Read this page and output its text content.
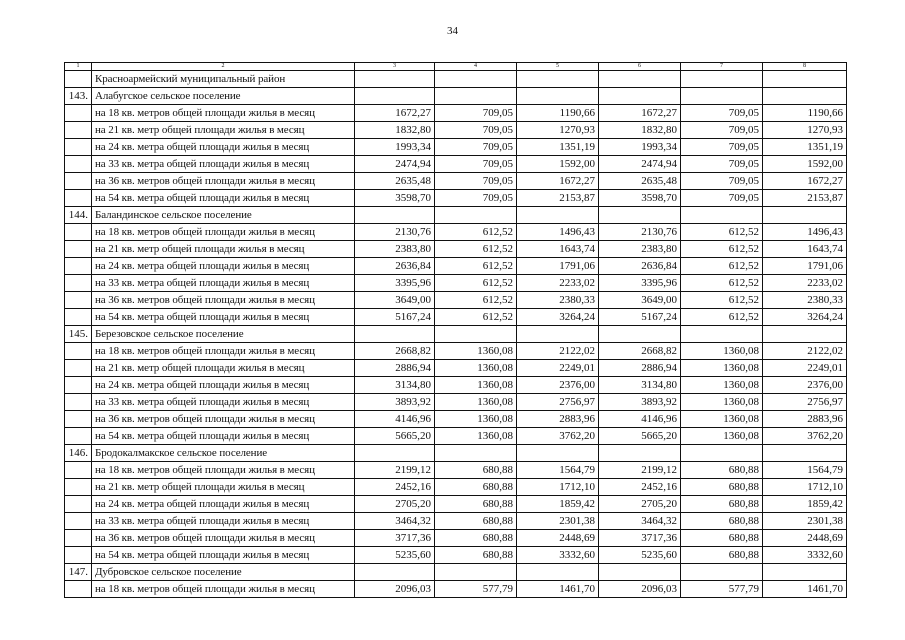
34
1	2	3	4	5	6	7	8
	Красноармейский муниципальный район						
143.	Алабугское сельское поселение						
	на 18 кв. метров общей площади жилья в месяц	1672,27	709,05	1190,66	1672,27	709,05	1190,66
	на 21 кв. метр общей площади жилья в месяц	1832,80	709,05	1270,93	1832,80	709,05	1270,93
	на 24 кв. метра общей площади жилья в месяц	1993,34	709,05	1351,19	1993,34	709,05	1351,19
	на 33 кв. метра общей площади жилья в месяц	2474,94	709,05	1592,00	2474,94	709,05	1592,00
	на 36 кв. метров общей площади жилья в месяц	2635,48	709,05	1672,27	2635,48	709,05	1672,27
	на 54 кв. метра общей площади жилья в месяц	3598,70	709,05	2153,87	3598,70	709,05	2153,87
144.	Баландинское сельское поселение						
	на 18 кв. метров общей площади жилья в месяц	2130,76	612,52	1496,43	2130,76	612,52	1496,43
	на 21 кв. метр общей площади жилья в месяц	2383,80	612,52	1643,74	2383,80	612,52	1643,74
	на 24 кв. метра общей площади жилья в месяц	2636,84	612,52	1791,06	2636,84	612,52	1791,06
	на 33 кв. метра общей площади жилья в месяц	3395,96	612,52	2233,02	3395,96	612,52	2233,02
	на 36 кв. метров общей площади жилья в месяц	3649,00	612,52	2380,33	3649,00	612,52	2380,33
	на 54 кв. метра общей площади жилья в месяц	5167,24	612,52	3264,24	5167,24	612,52	3264,24
145.	Березовское сельское поселение						
	на 18 кв. метров общей площади жилья в месяц	2668,82	1360,08	2122,02	2668,82	1360,08	2122,02
	на 21 кв. метр общей площади жилья в месяц	2886,94	1360,08	2249,01	2886,94	1360,08	2249,01
	на 24 кв. метра общей площади жилья в месяц	3134,80	1360,08	2376,00	3134,80	1360,08	2376,00
	на 33 кв. метра общей площади жилья в месяц	3893,92	1360,08	2756,97	3893,92	1360,08	2756,97
	на 36 кв. метров общей площади жилья в месяц	4146,96	1360,08	2883,96	4146,96	1360,08	2883,96
	на 54 кв. метра общей площади жилья в месяц	5665,20	1360,08	3762,20	5665,20	1360,08	3762,20
146.	Бродокалмакское сельское поселение						
	на 18 кв. метров общей площади жилья в месяц	2199,12	680,88	1564,79	2199,12	680,88	1564,79
	на 21 кв. метр общей площади жилья в месяц	2452,16	680,88	1712,10	2452,16	680,88	1712,10
	на 24 кв. метра общей площади жилья в месяц	2705,20	680,88	1859,42	2705,20	680,88	1859,42
	на 33 кв. метра общей площади жилья в месяц	3464,32	680,88	2301,38	3464,32	680,88	2301,38
	на 36 кв. метров общей площади жилья в месяц	3717,36	680,88	2448,69	3717,36	680,88	2448,69
	на 54 кв. метра общей площади жилья в месяц	5235,60	680,88	3332,60	5235,60	680,88	3332,60
147.	Дубровское сельское поселение						
	на 18 кв. метров общей площади жилья в месяц	2096,03	577,79	1461,70	2096,03	577,79	1461,70
